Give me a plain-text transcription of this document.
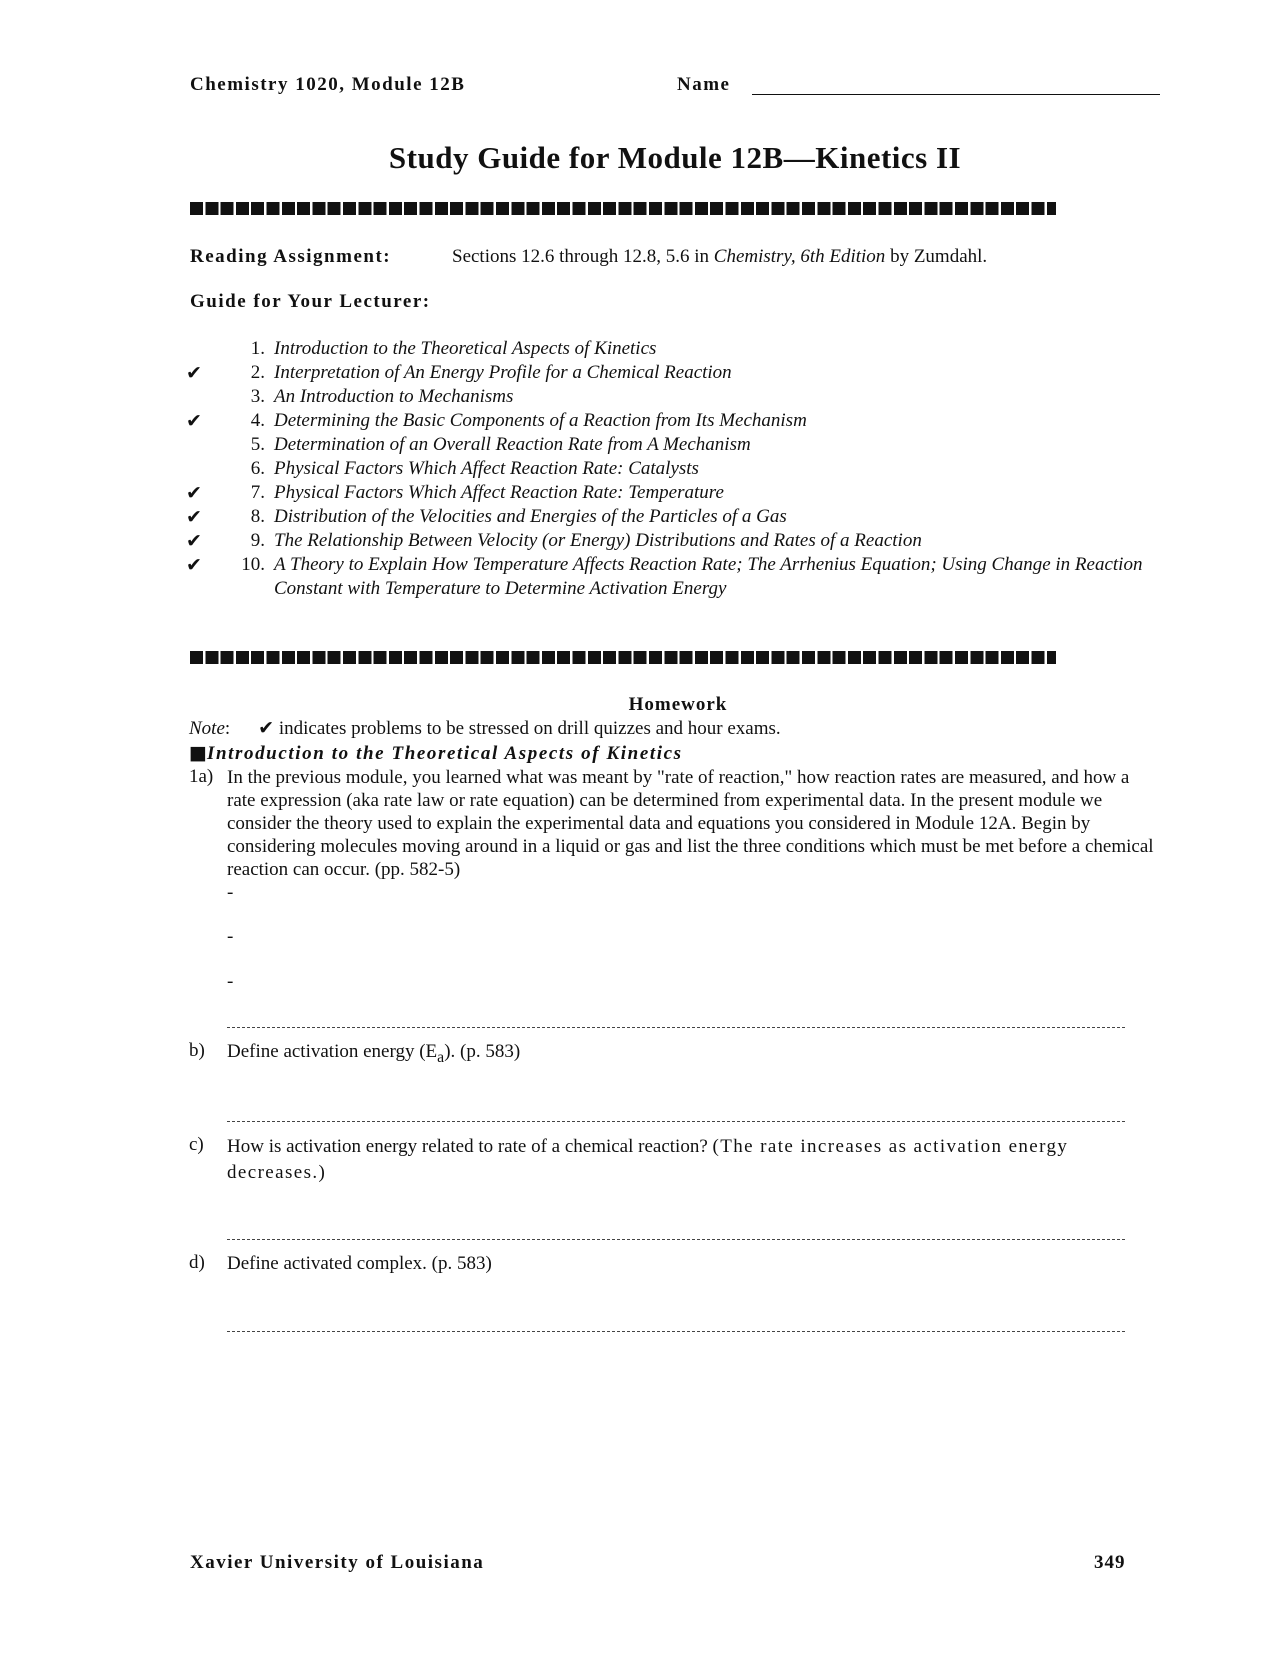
Chemistry 1020, Module 12B	Name
Study Guide for Module 12B—Kinetics II
Reading Assignment:	Sections 12.6 through 12.8, 5.6 in Chemistry, 6th Edition by Zumdahl.
Guide for Your Lecturer:
1. Introduction to the Theoretical Aspects of Kinetics
✔	2. Interpretation of An Energy Profile for a Chemical Reaction
3. An Introduction to Mechanisms
✔	4. Determining the Basic Components of a Reaction from Its Mechanism
5. Determination of an Overall Reaction Rate from A Mechanism
6. Physical Factors Which Affect Reaction Rate: Catalysts
✔	7. Physical Factors Which Affect Reaction Rate: Temperature
✔	8. Distribution of the Velocities and Energies of the Particles of a Gas
✔	9. The Relationship Between Velocity (or Energy) Distributions and Rates of a Reaction
✔	10. A Theory to Explain How Temperature Affects Reaction Rate; The Arrhenius Equation; Using Change in Reaction Constant with Temperature to Determine Activation Energy
Homework
Note: ✔ indicates problems to be stressed on drill quizzes and hour exams.
■Introduction to the Theoretical Aspects of Kinetics
1a) In the previous module, you learned what was meant by "rate of reaction," how reaction rates are measured, and how a rate expression (aka rate law or rate equation) can be determined from experimental data. In the present module we consider the theory used to explain the experimental data and equations you considered in Module 12A. Begin by considering molecules moving around in a liquid or gas and list the three conditions which must be met before a chemical reaction can occur. (pp. 582-5)
-
-
-
b) Define activation energy $(E_a)$. (p. 583)
c) How is activation energy related to rate of a chemical reaction? (The rate increases as activation energy decreases.)
d) Define activated complex. (p. 583)
Xavier University of Louisiana	349
